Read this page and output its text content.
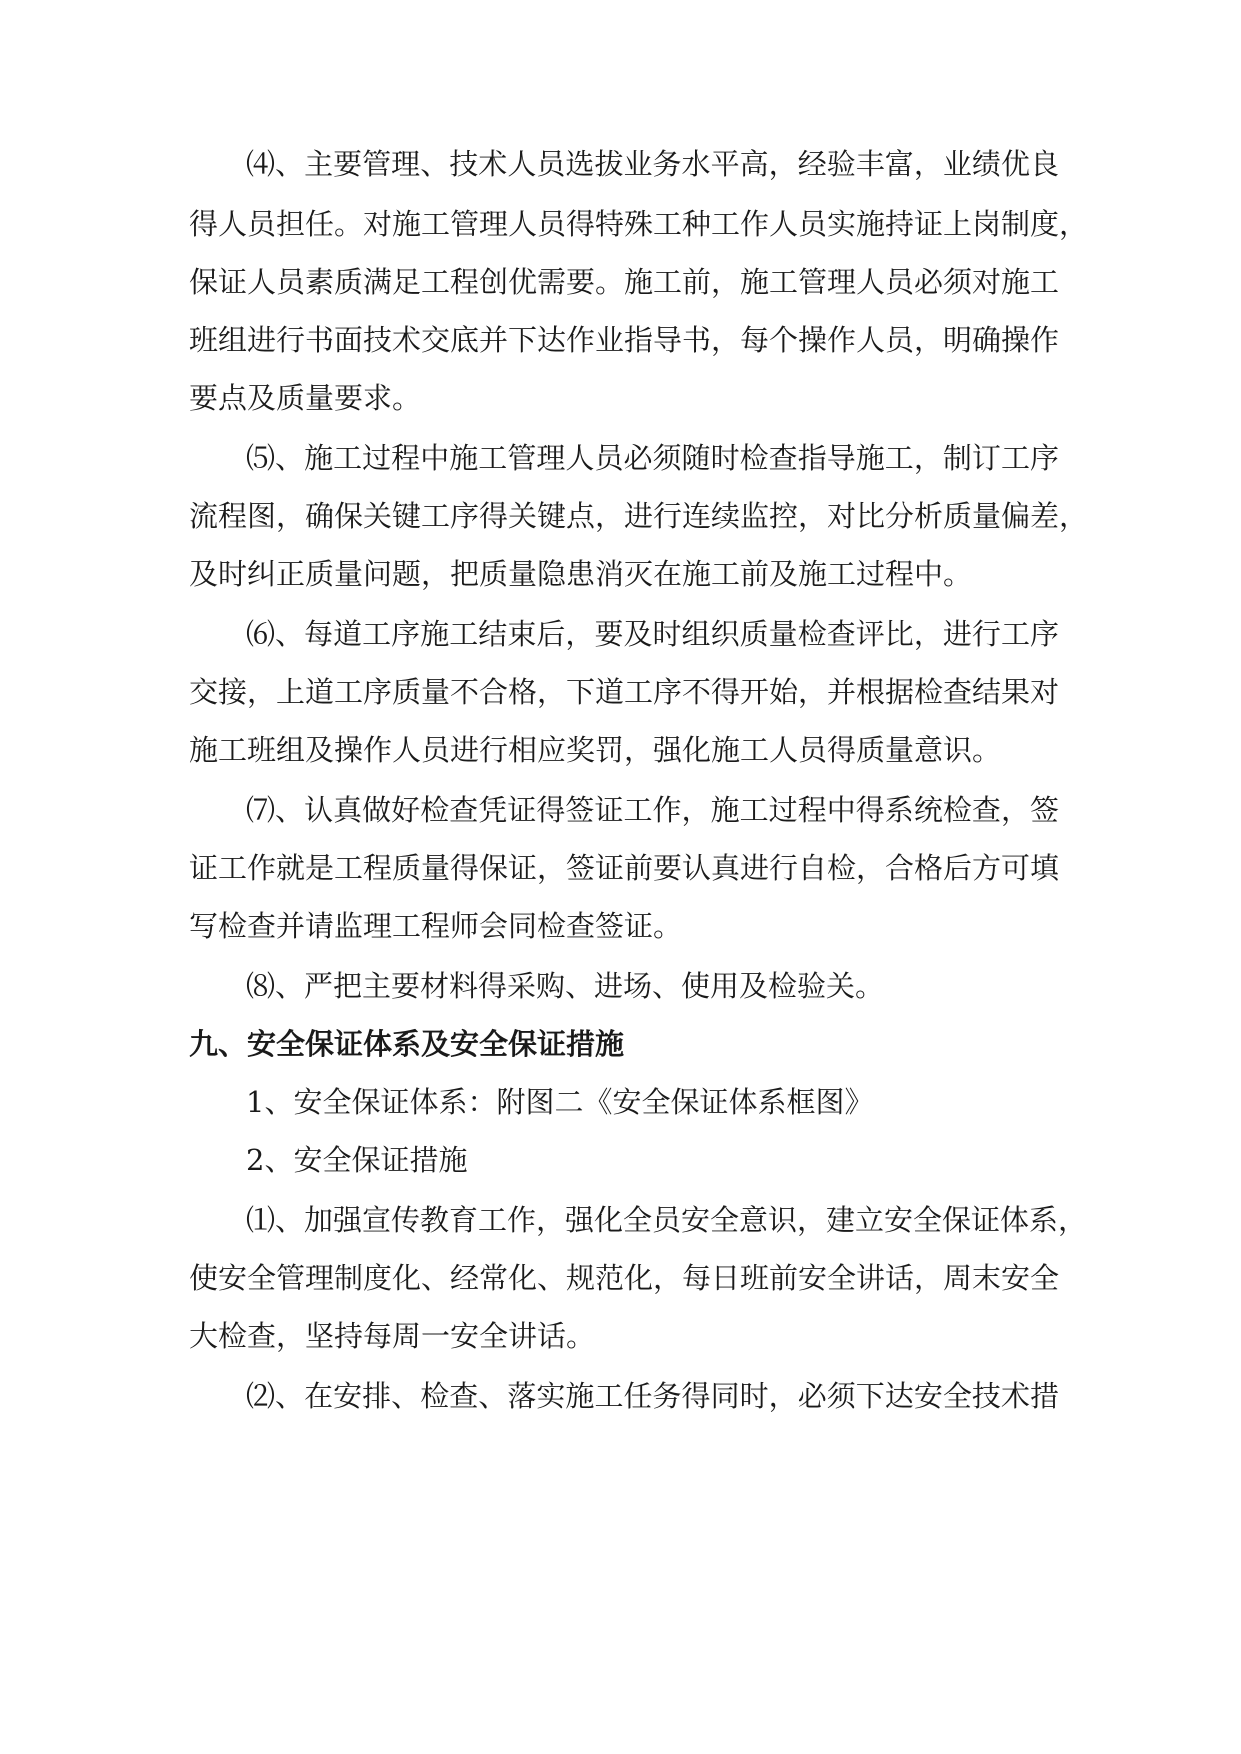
⑷、主要管理、技术人员选拔业务水平高，经验丰富，业绩优良
得人员担任。对施工管理人员得特殊工种工作人员实施持证上岗制度，
保证人员素质满足工程创优需要。施工前，施工管理人员必须对施工
班组进行书面技术交底并下达作业指导书，每个操作人员，明确操作
要点及质量要求。
⑸、施工过程中施工管理人员必须随时检查指导施工，制订工序
流程图，确保关键工序得关键点，进行连续监控，对比分析质量偏差，
及时纠正质量问题，把质量隐患消灭在施工前及施工过程中。
⑹、每道工序施工结束后，要及时组织质量检查评比，进行工序
交接，上道工序质量不合格，下道工序不得开始，并根据检查结果对
施工班组及操作人员进行相应奖罚，强化施工人员得质量意识。
⑺、认真做好检查凭证得签证工作，施工过程中得系统检查，签
证工作就是工程质量得保证，签证前要认真进行自检，合格后方可填
写检查并请监理工程师会同检查签证。
⑻、严把主要材料得采购、进场、使用及检验关。
九、安全保证体系及安全保证措施
1、安全保证体系：附图二《安全保证体系框图》
2、安全保证措施
⑴、加强宣传教育工作，强化全员安全意识，建立安全保证体系，
使安全管理制度化、经常化、规范化，每日班前安全讲话，周末安全
大检查，坚持每周一安全讲话。
⑵、在安排、检查、落实施工任务得同时，必须下达安全技术措
